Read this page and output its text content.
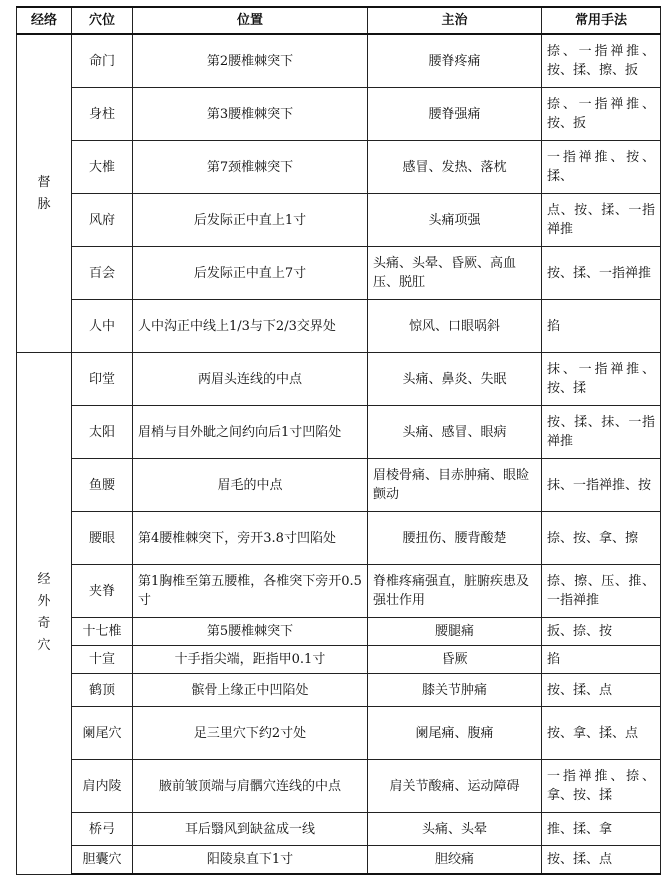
经络	穴位	位置	主治	常用手法
督脉	命门	第2腰椎棘突下	腰脊疼痛	捺、一指禅推、按、揉、擦、扳
	身柱	第3腰椎棘突下	腰脊强痛	捺、一指禅推、按、扳
	大椎	第7颈椎棘突下	感冒、发热、落枕	一指禅推、按、揉、
	风府	后发际正中直上1寸	头痛项强	点、按、揉、一指禅推
	百会	后发际正中直上7寸	头痛、头晕、昏厥、高血压、脱肛	按、揉、一指禅推
	人中	人中沟正中线上1/3与下2/3交界处	惊风、口眼㖞斜	掐
经外奇穴	印堂	两眉头连线的中点	头痛、鼻炎、失眠	抹、一指禅推、按、揉
	太阳	眉梢与目外眦之间约向后1寸凹陷处	头痛、感冒、眼病	按、揉、抹、一指禅推
	鱼腰	眉毛的中点	眉棱骨痛、目赤肿痛、眼睑颤动	抹、一指禅推、按
	腰眼	第4腰椎棘突下，旁开3.8寸凹陷处	腰扭伤、腰背酸楚	捺、按、拿、擦
	夹脊	第1胸椎至第五腰椎，各椎突下旁开0.5寸	脊椎疼痛强直，脏腑疾患及强壮作用	捺、擦、压、推、一指禅推
	十七椎	第5腰椎棘突下	腰腿痛	扳、捺、按
	十宣	十手指尖端，距指甲0.1寸	昏厥	掐
	鹤顶	髌骨上缘正中凹陷处	膝关节肿痛	按、揉、点
	阑尾穴	足三里穴下约2寸处	阑尾痛、腹痛	按、拿、揉、点
	肩内陵	腋前皱顶端与肩髃穴连线的中点	肩关节酸痛、运动障碍	一指禅推、捺、拿、按、揉
	桥弓	耳后翳风到缺盆成一线	头痛、头晕	推、揉、拿
	胆囊穴	阳陵泉直下1寸	胆绞痛	按、揉、点
